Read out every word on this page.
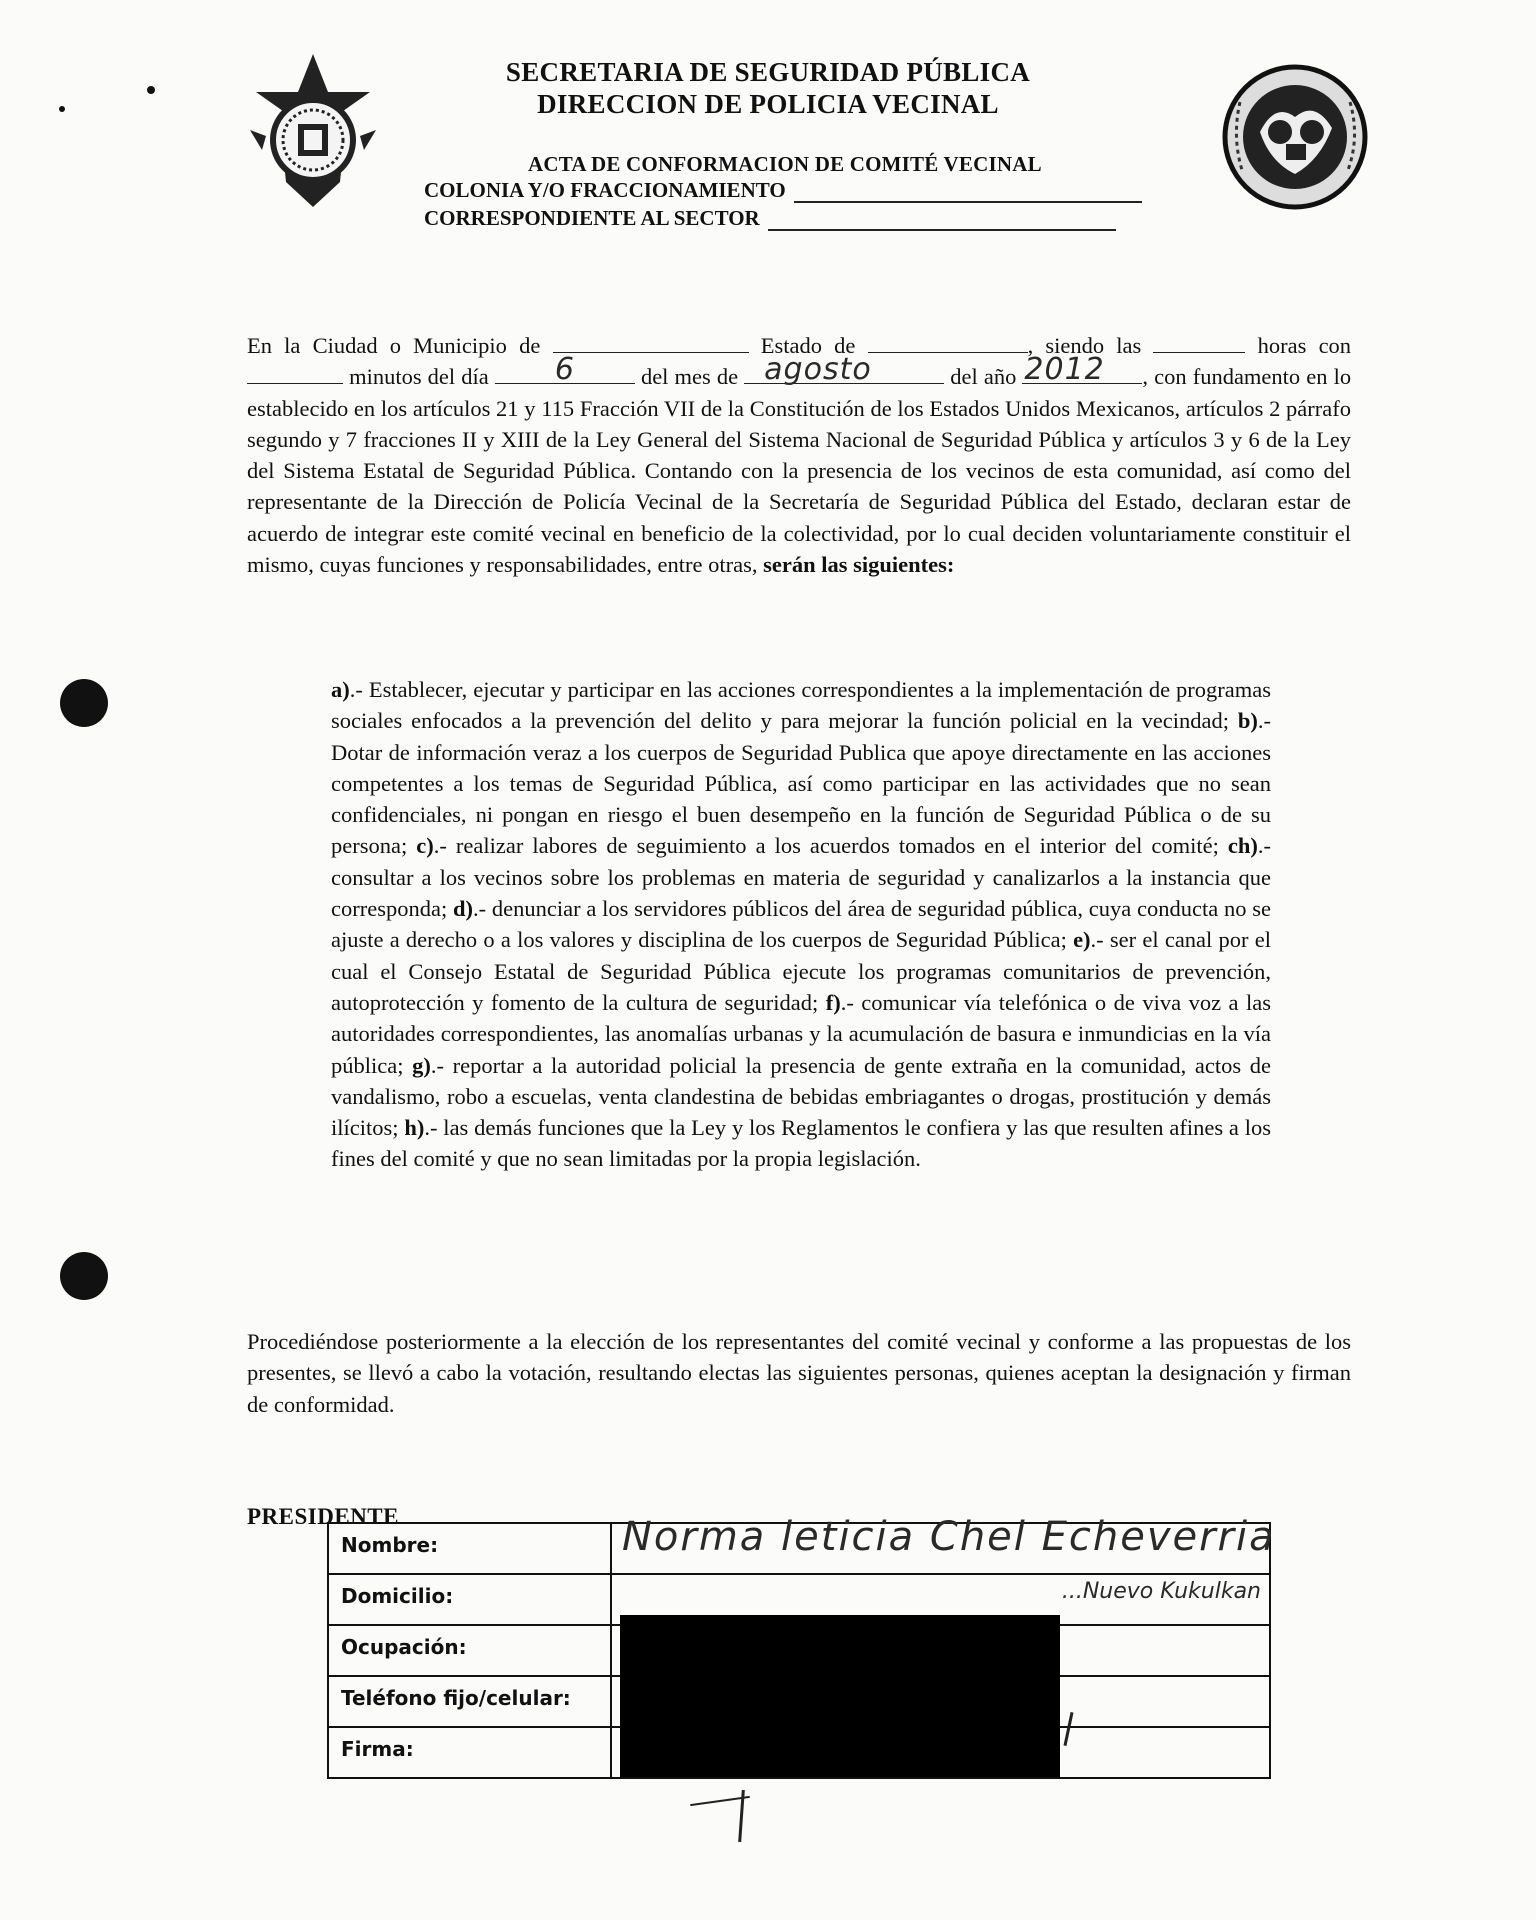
SECRETARIA DE SEGURIDAD PÚBLICA
DIRECCION DE POLICIA VECINAL
ACTA DE CONFORMACION DE COMITÉ VECINAL
COLONIA Y/O FRACCIONAMIENTO
CORRESPONDIENTE AL SECTOR
En la Ciudad o Municipio de	Estado de	, siendo las	horas con  minutos del día 6	del mes de agosto	del año 2012 , con fundamento en lo establecido en los artículos 21 y 115 Fracción VII de la Constitución de los Estados Unidos Mexicanos, artículos 2 párrafo segundo y 7 fracciones II y XIII de la Ley General del Sistema Nacional de Seguridad Pública y artículos 3 y 6 de la Ley del Sistema Estatal de Seguridad Pública. Contando con la presencia de los vecinos de esta comunidad, así como del representante de la Dirección de Policía Vecinal de la Secretaría de Seguridad Pública del Estado, declaran estar de acuerdo de integrar este comité vecinal en beneficio de la colectividad, por lo cual deciden voluntariamente constituir el mismo, cuyas funciones y responsabilidades, entre otras, serán las siguientes:
a).- Establecer, ejecutar y participar en las acciones correspondientes a la implementación de programas sociales enfocados a la prevención del delito y para mejorar la función policial en la vecindad; b).- Dotar de información veraz a los cuerpos de Seguridad Publica que apoye directamente en las acciones competentes a los temas de Seguridad Pública, así como participar en las actividades que no sean confidenciales, ni pongan en riesgo el buen desempeño en la función de Seguridad Pública o de su persona; c).- realizar labores de seguimiento a los acuerdos tomados en el interior del comité; ch).- consultar a los vecinos sobre los problemas en materia de seguridad y canalizarlos a la instancia que corresponda; d).- denunciar a los servidores públicos del área de seguridad pública, cuya conducta no se ajuste a derecho o a los valores y disciplina de los cuerpos de Seguridad Pública; e).- ser el canal por el cual el Consejo Estatal de Seguridad Pública ejecute los programas comunitarios de prevención, autoprotección y fomento de la cultura de seguridad; f).- comunicar vía telefónica o de viva voz a las autoridades correspondientes, las anomalías urbanas y la acumulación de basura e inmundicias en la vía pública; g).- reportar a la autoridad policial la presencia de gente extraña en la comunidad, actos de vandalismo, robo a escuelas, venta clandestina de bebidas embriagantes o drogas, prostitución y demás ilícitos; h).- las demás funciones que la Ley y los Reglamentos le confiera y las que resulten afines a los fines del comité y que no sean limitadas por la propia legislación.
Procediéndose posteriormente a la elección de los representantes del comité vecinal y conforme a las propuestas de los presentes, se llevó a cabo la votación, resultando electas las siguientes personas, quienes aceptan la designación y firman de conformidad.
PRESIDENTE
Nombre:	Norma leticia Chel Echeverria

Domicilio:	...Nuevo Kukulkan

Ocupación:	
Teléfono fijo/celular:	
Firma:	
